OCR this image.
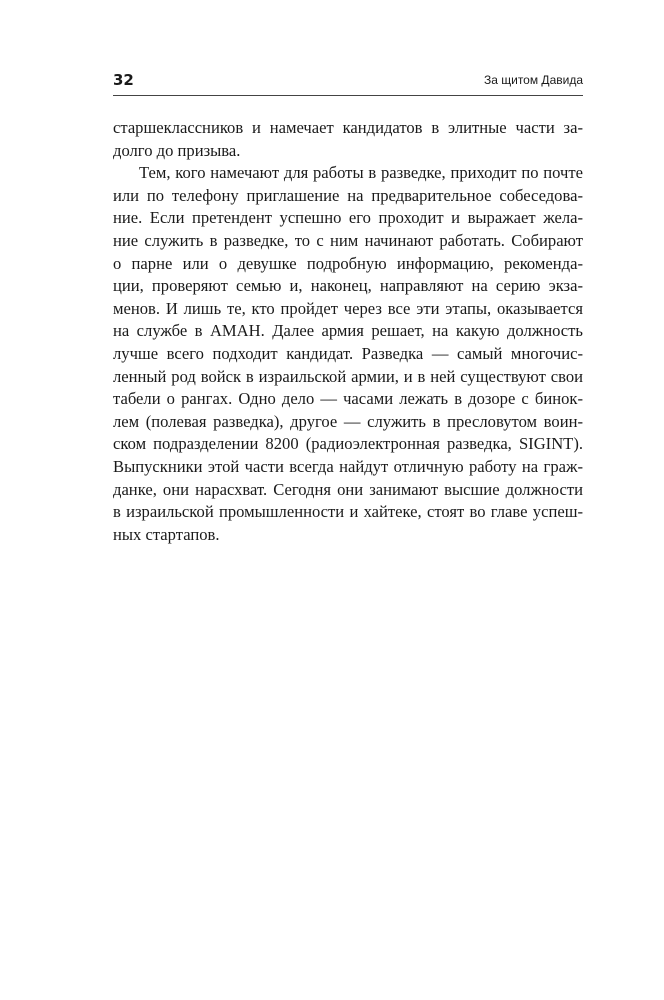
32	За щитом Давида
старшеклассников и намечает кандидатов в элитные части за-
долго до призыва.
Тем, кого намечают для работы в разведке, приходит по почте
или по телефону приглашение на предварительное собеседова-
ние. Если претендент успешно его проходит и выражает жела-
ние служить в разведке, то с ним начинают работать. Собирают
о парне или о девушке подробную информацию, рекоменда-
ции, проверяют семью и, наконец, направляют на серию экза-
менов. И лишь те, кто пройдет через все эти этапы, оказывается
на службе в АМАН. Далее армия решает, на какую должность
лучше всего подходит кандидат. Разведка — самый многочис-
ленный род войск в израильской армии, и в ней существуют свои
табели о рангах. Одно дело — часами лежать в дозоре с бинок-
лем (полевая разведка), другое — служить в пресловутом воин-
ском подразделении 8200 (радиоэлектронная разведка, SIGINT).
Выпускники этой части всегда найдут отличную работу на граж-
данке, они нарасхват. Сегодня они занимают высшие должности
в израильской промышленности и хайтеке, стоят во главе успеш-
ных стартапов.
